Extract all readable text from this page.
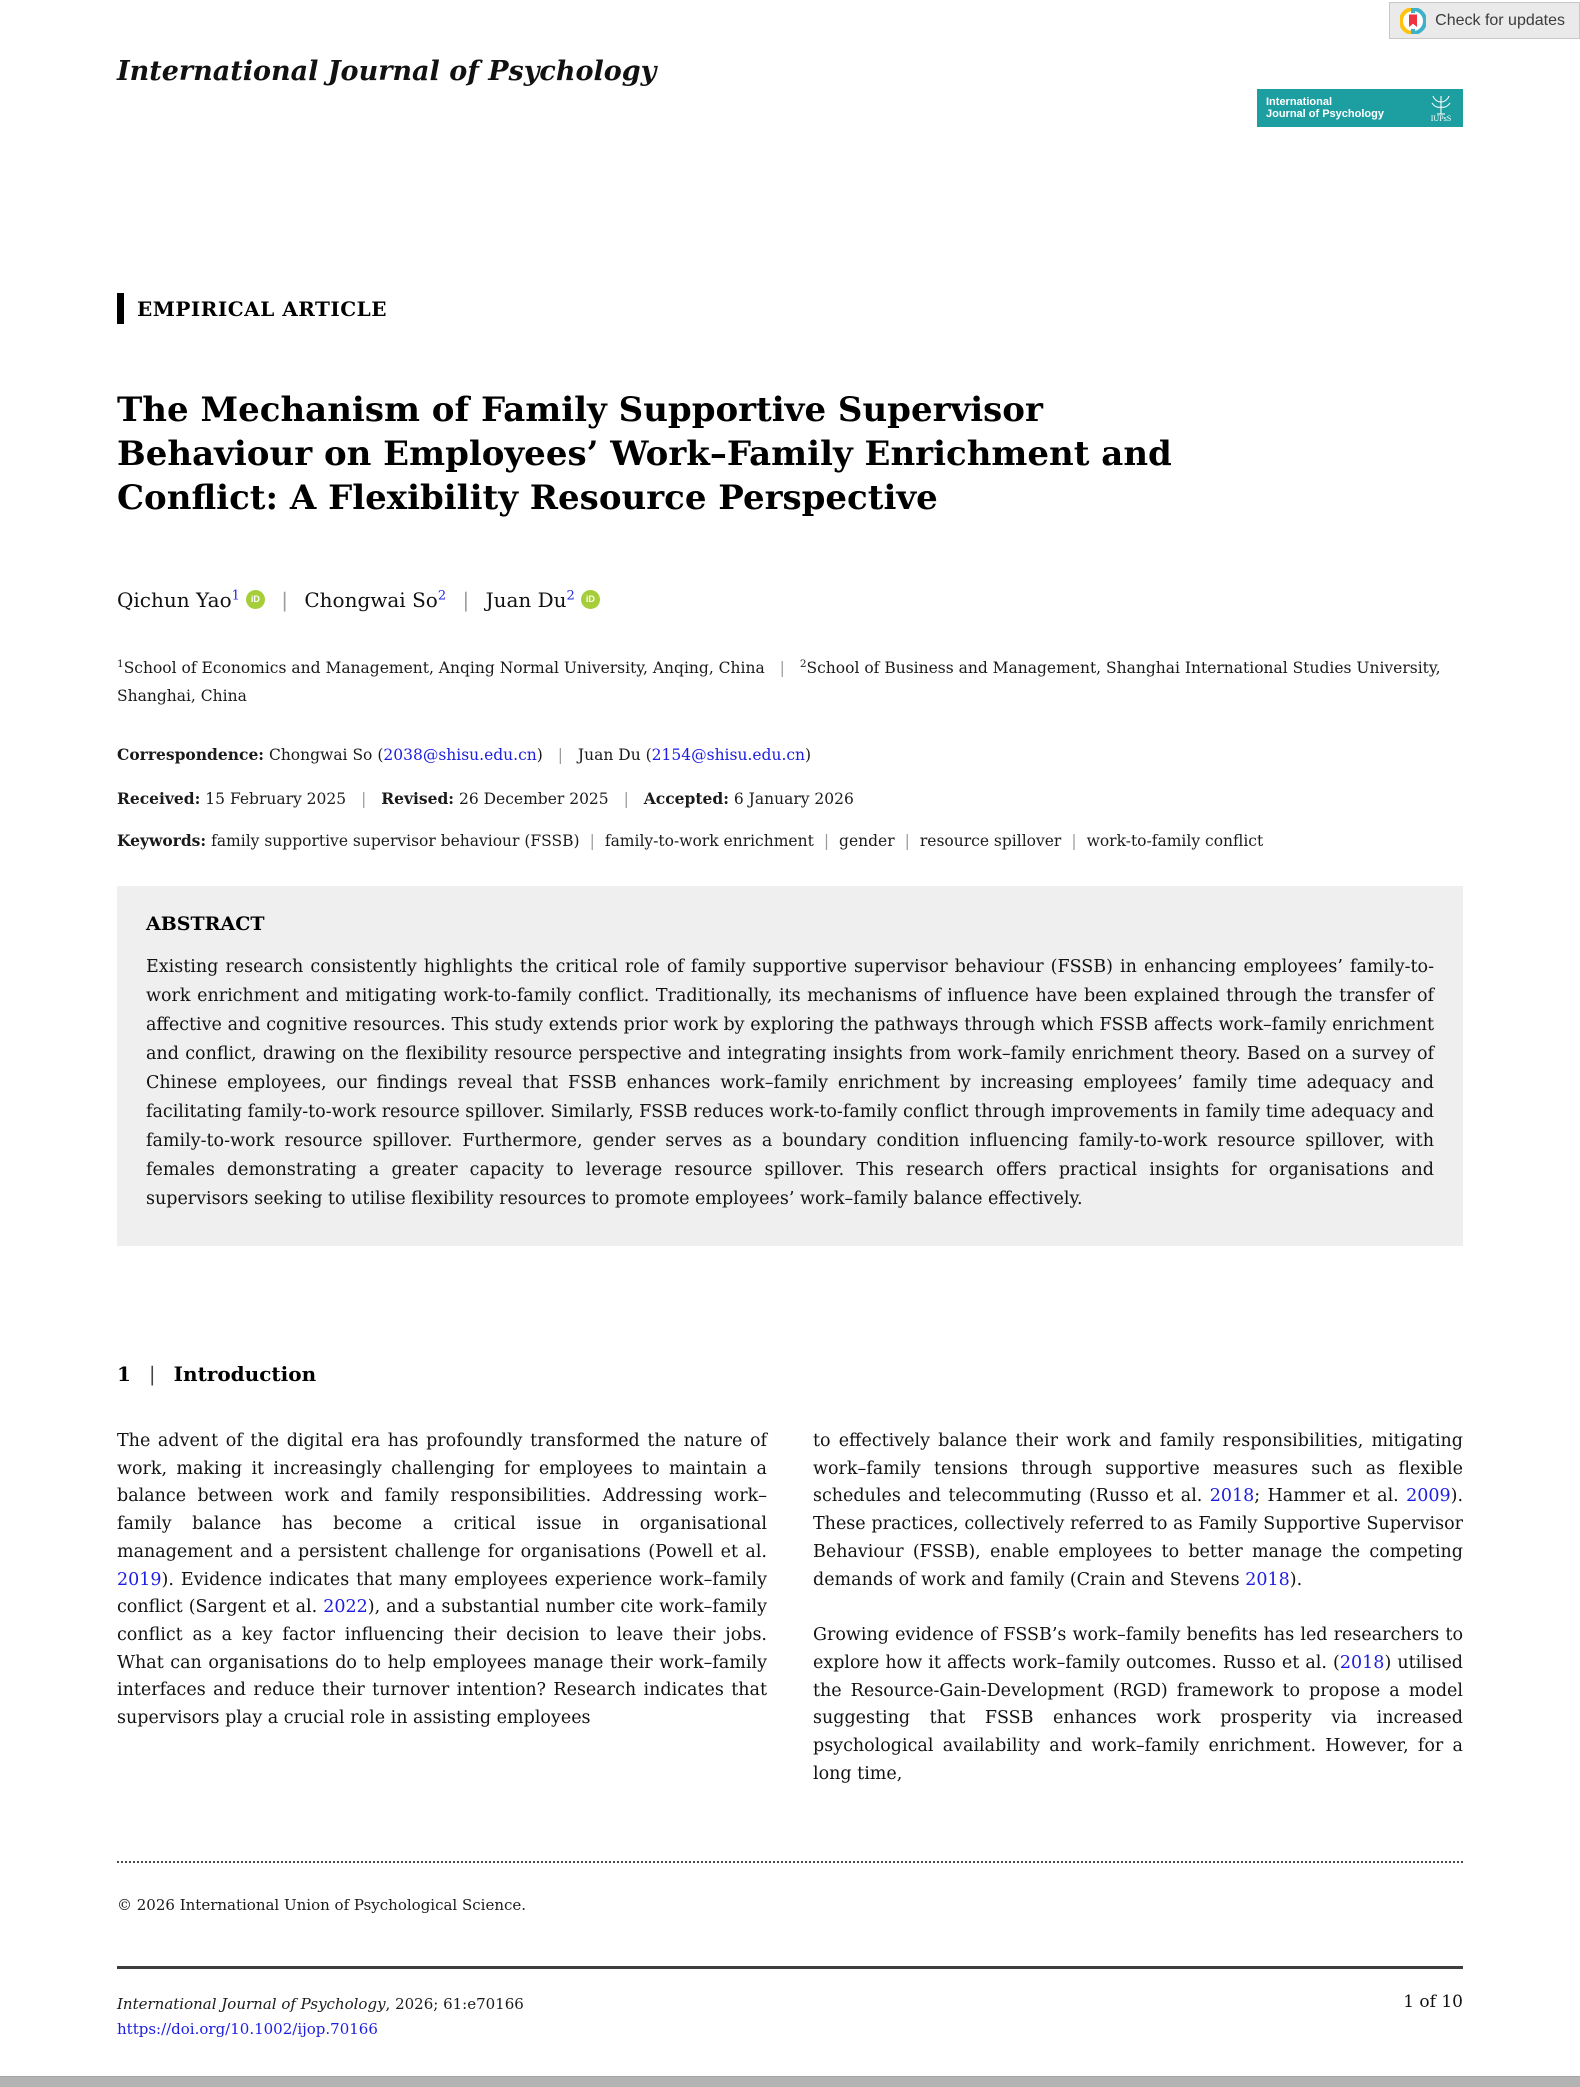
Check for updates
International Journal of Psychology
International
Journal of Psychology	IUPsS
EMPIRICAL ARTICLE
The Mechanism of Family Supportive Supervisor Behaviour on Employees’ Work–Family Enrichment and Conflict: A Flexibility Resource Perspective
Qichun Yao$^1$ iD | Chongwai So$^2$ | Juan Du$^2$ iD
$^1$School of Economics and Management, Anqing Normal University, Anqing, China | $^2$School of Business and Management, Shanghai International Studies University, Shanghai, China
Correspondence: Chongwai So (2038@shisu.edu.cn) | Juan Du (2154@shisu.edu.cn)
Received: 15 February 2025 | Revised: 26 December 2025 | Accepted: 6 January 2026
Keywords: family supportive supervisor behaviour (FSSB) | family-to-work enrichment | gender | resource spillover | work-to-family conflict
ABSTRACT

Existing research consistently highlights the critical role of family supportive supervisor behaviour (FSSB) in enhancing employees’ family-to-work enrichment and mitigating work-to-family conflict. Traditionally, its mechanisms of influence have been explained through the transfer of affective and cognitive resources. This study extends prior work by exploring the pathways through which FSSB affects work–family enrichment and conflict, drawing on the flexibility resource perspective and integrating insights from work–family enrichment theory. Based on a survey of Chinese employees, our findings reveal that FSSB enhances work–family enrichment by increasing employees’ family time adequacy and facilitating family-to-work resource spillover. Similarly, FSSB reduces work-to-family conflict through improvements in family time adequacy and family-to-work resource spillover. Furthermore, gender serves as a boundary condition influencing family-to-work resource spillover, with females demonstrating a greater capacity to leverage resource spillover. This research offers practical insights for organisations and supervisors seeking to utilise flexibility resources to promote employees’ work–family balance effectively.

1 | Introduction

The advent of the digital era has profoundly transformed the nature of work, making it increasingly challenging for employees to maintain a balance between work and family responsibilities. Addressing work–family balance has become a critical issue in organisational management and a persistent challenge for organisations (Powell et al. 2019). Evidence indicates that many employees experience work–family conflict (Sargent et al. 2022), and a substantial number cite work–family conflict as a key factor influencing their decision to leave their jobs. What can organisations do to help employees manage their work–family interfaces and reduce their turnover intention? Research indicates that supervisors play a crucial role in assisting employees

to effectively balance their work and family responsibilities, mitigating work–family tensions through supportive measures such as flexible schedules and telecommuting (Russo et al. 2018; Hammer et al. 2009). These practices, collectively referred to as Family Supportive Supervisor Behaviour (FSSB), enable employees to better manage the competing demands of work and family (Crain and Stevens 2018).

Growing evidence of FSSB’s work–family benefits has led researchers to explore how it affects work–family outcomes. Russo et al. (2018) utilised the Resource-Gain-Development (RGD) framework to propose a model suggesting that FSSB enhances work prosperity via increased psychological availability and work–family enrichment. However, for a long time,

© 2026 International Union of Psychological Science.
International Journal of Psychology, 2026; 61:e70166
https://doi.org/10.1002/ijop.70166
1 of 10
